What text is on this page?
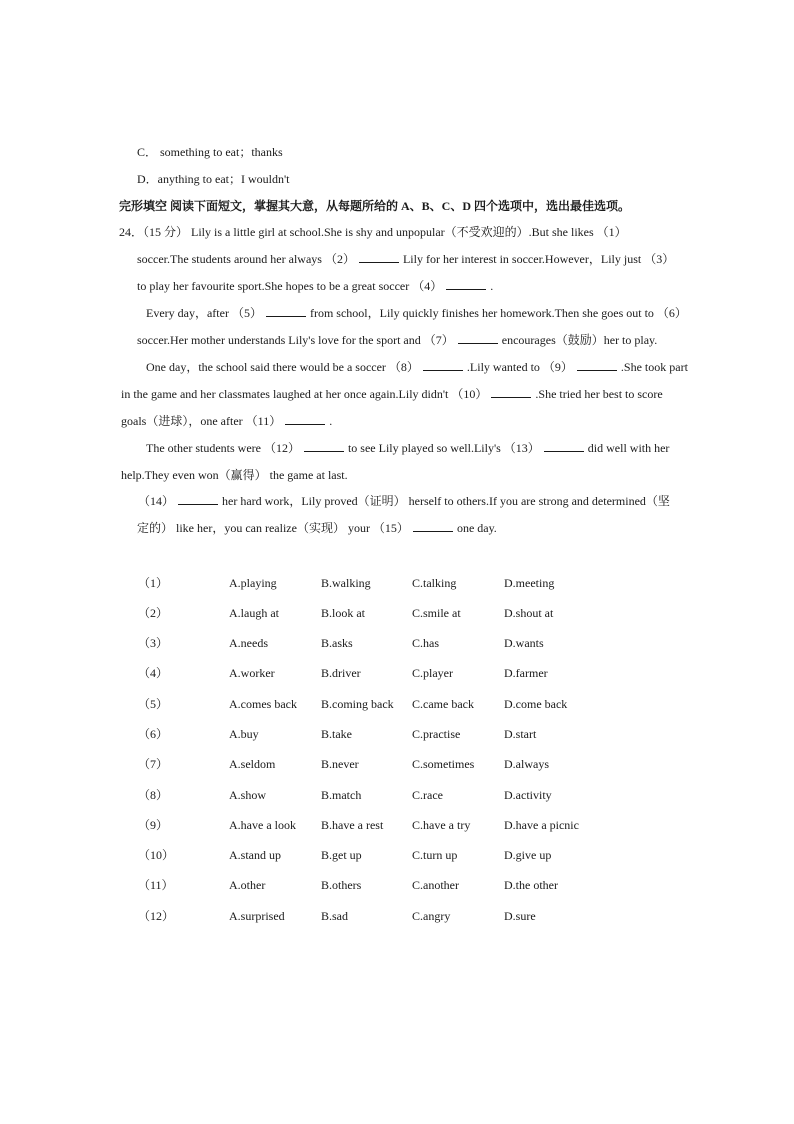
C． something to eat；thanks
D．anything to eat；I wouldn't
完形填空 阅读下面短文，掌握其大意，从每题所给的 A、B、C、D 四个选项中，选出最佳选项。
24．（15 分） Lily is a little girl at school.She is shy and unpopular（不受欢迎的）.But she likes （1）
soccer.The students around her always （2）	Lily for her interest in soccer.However，Lily just （3）
to play her favourite sport.She hopes to be a great soccer （4）	.
Every day，after （5）	from school，Lily quickly finishes her homework.Then she goes out to （6）
soccer.Her mother understands Lily's love for the sport and （7）	encourages（鼓励）her to play.
One day，the school said there would be a soccer （8）	.Lily wanted to （9）	.She took part
in the game and her classmates laughed at her once again.Lily didn't （10）	.She tried her best to score
goals（进球），one after （11）	.
The other students were （12）	to see Lily played so well.Lily's （13）	did well with her
help.They even won（赢得） the game at last.
（14）	her hard work，Lily proved（证明） herself to others.If you are strong and determined（坚
定的） like her，you can realize（实现） your （15）	one day.
（1）	A.playing	B.walking	C.talking	D.meeting
（2）	A.laugh at	B.look at	C.smile at	D.shout at
（3）	A.needs	B.asks	C.has	D.wants
（4）	A.worker	B.driver	C.player	D.farmer
（5）	A.comes back B.coming back C.came back	D.come back
（6）	A.buy	B.take	C.practise	D.start
（7）	A.seldom	B.never	C.sometimes D.always
（8）	A.show	B.match	C.race	D.activity
（9）	A.have a look B.have a rest C.have a try	D.have a picnic
（10）	A.stand up	B.get up	C.turn up	D.give up
（11）	A.other	B.others	C.another	D.the other
（12）	A.surprised	B.sad	C.angry	D.sure
